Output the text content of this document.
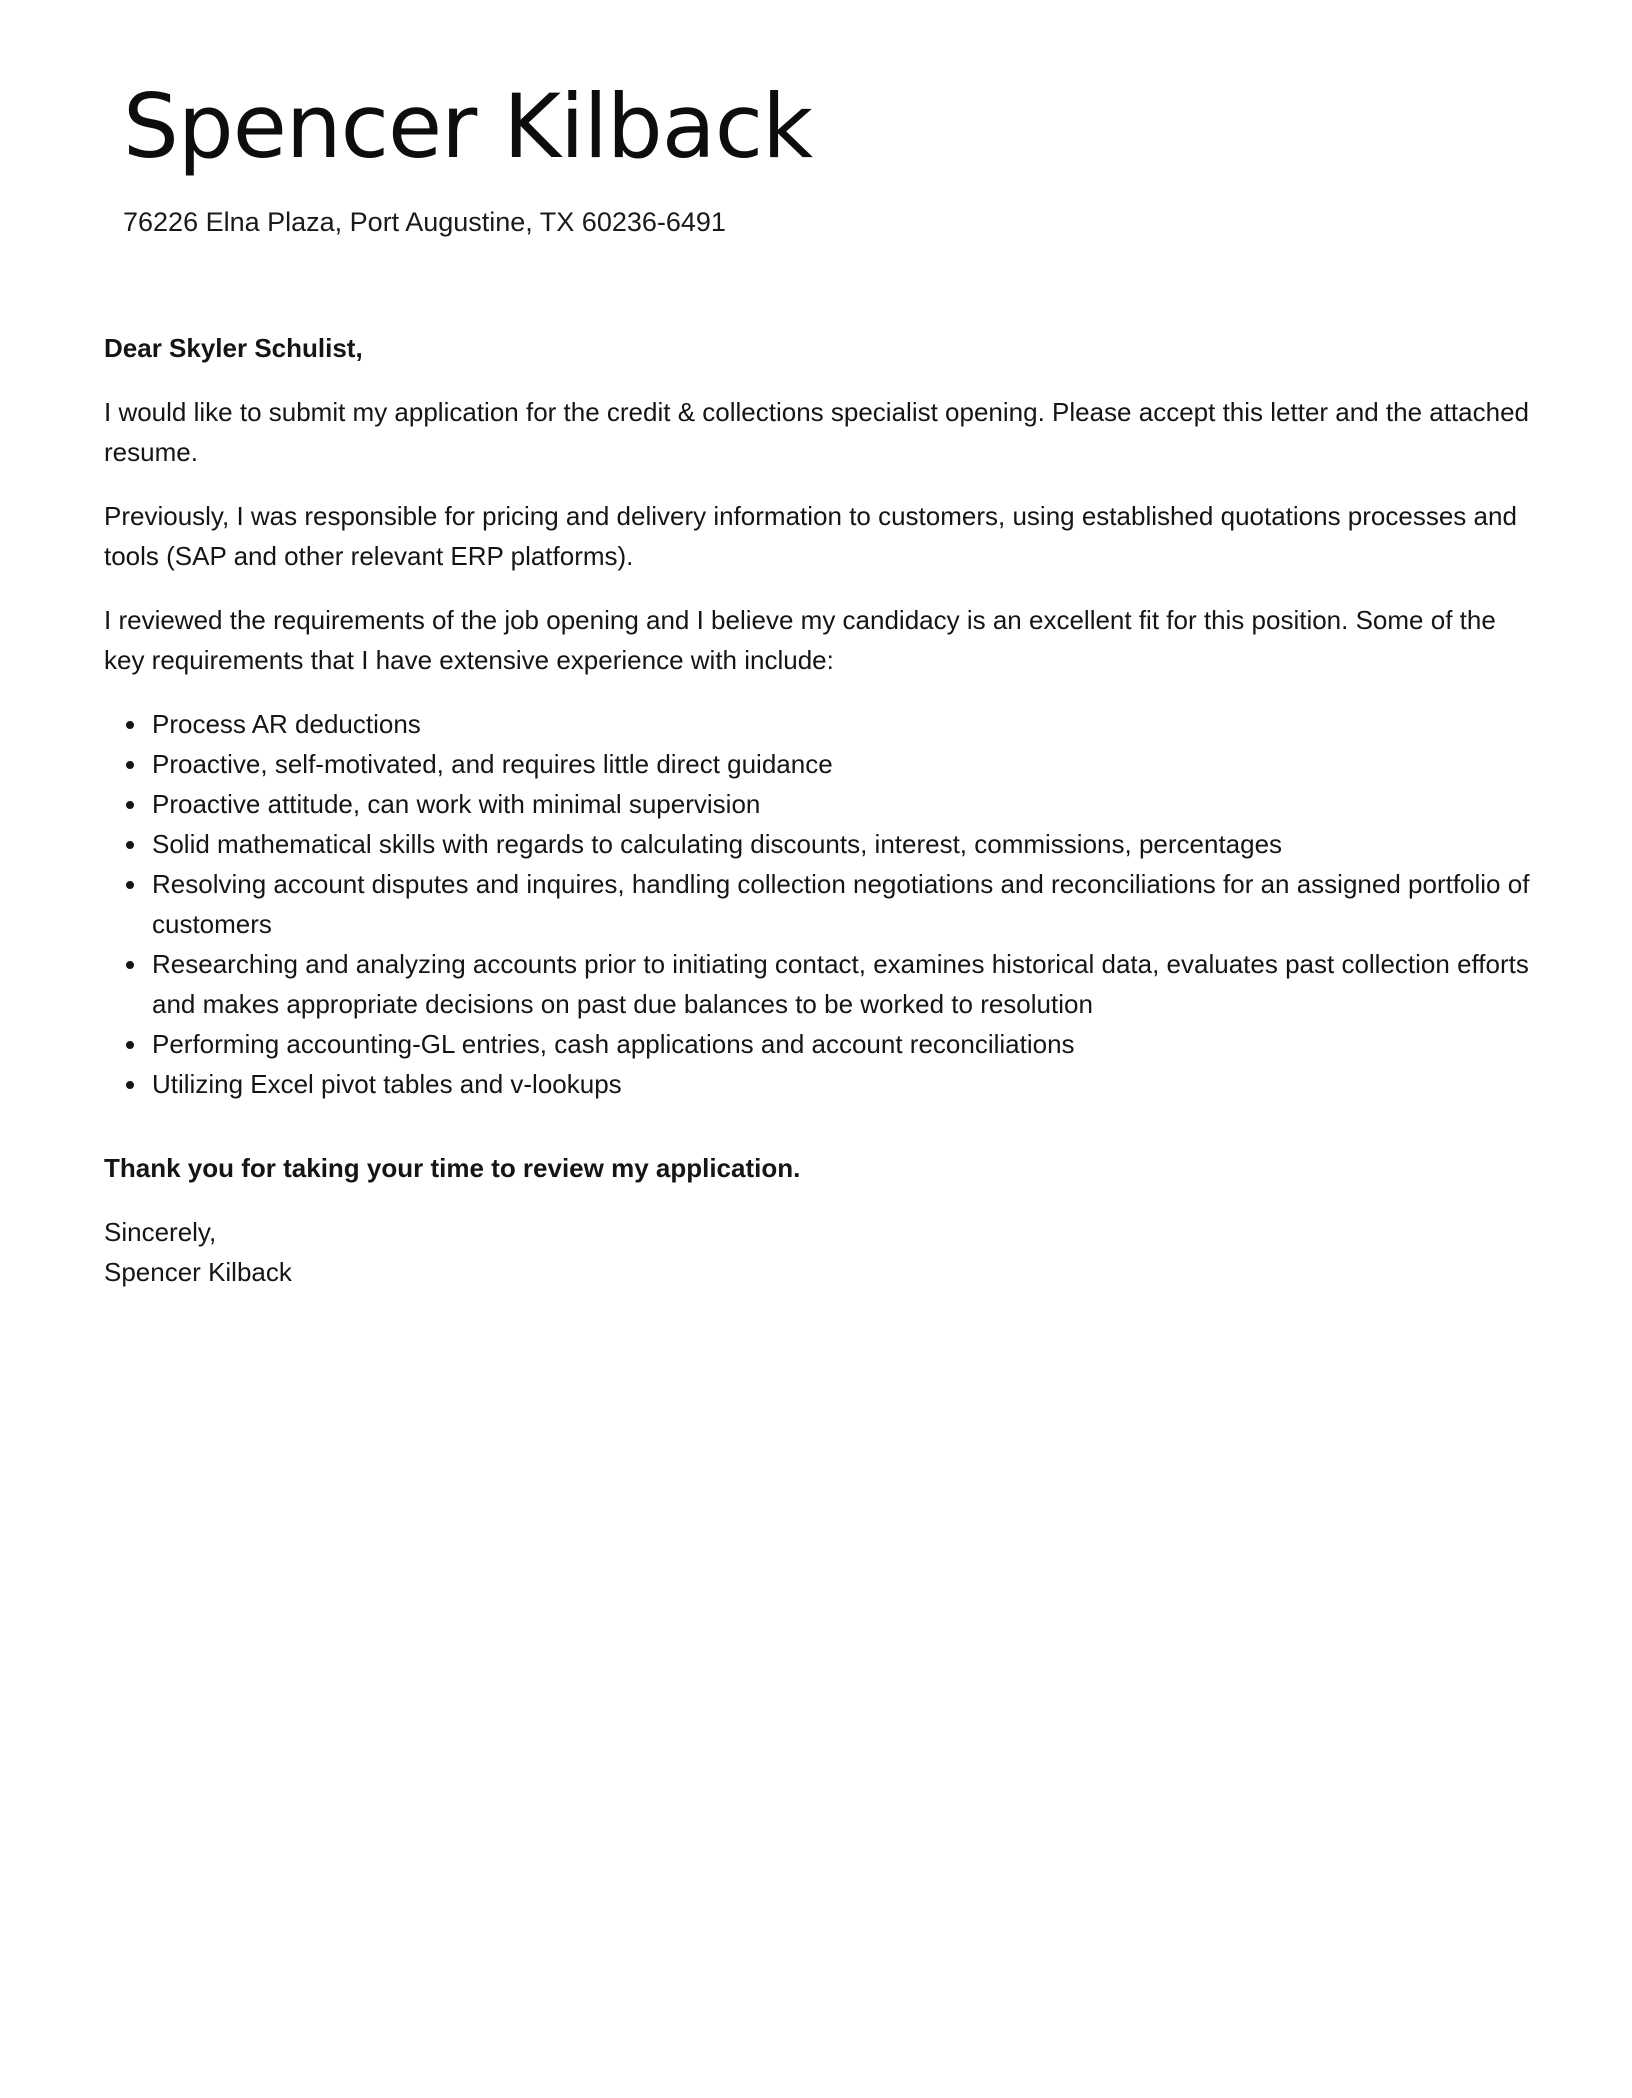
Spencer Kilback
76226 Elna Plaza, Port Augustine, TX 60236-6491

Dear Skyler Schulist,

I would like to submit my application for the credit & collections specialist opening. Please accept this letter and the attached resume.

Previously, I was responsible for pricing and delivery information to customers, using established quotations processes and tools (SAP and other relevant ERP platforms).

I reviewed the requirements of the job opening and I believe my candidacy is an excellent fit for this position. Some of the key requirements that I have extensive experience with include:

Process AR deductions
Proactive, self-motivated, and requires little direct guidance
Proactive attitude, can work with minimal supervision
Solid mathematical skills with regards to calculating discounts, interest, commissions, percentages
Resolving account disputes and inquires, handling collection negotiations and reconciliations for an assigned portfolio of customers
Researching and analyzing accounts prior to initiating contact, examines historical data, evaluates past collection efforts and makes appropriate decisions on past due balances to be worked to resolution
Performing accounting-GL entries, cash applications and account reconciliations
Utilizing Excel pivot tables and v-lookups

Thank you for taking your time to review my application.

Sincerely,

Spencer Kilback
